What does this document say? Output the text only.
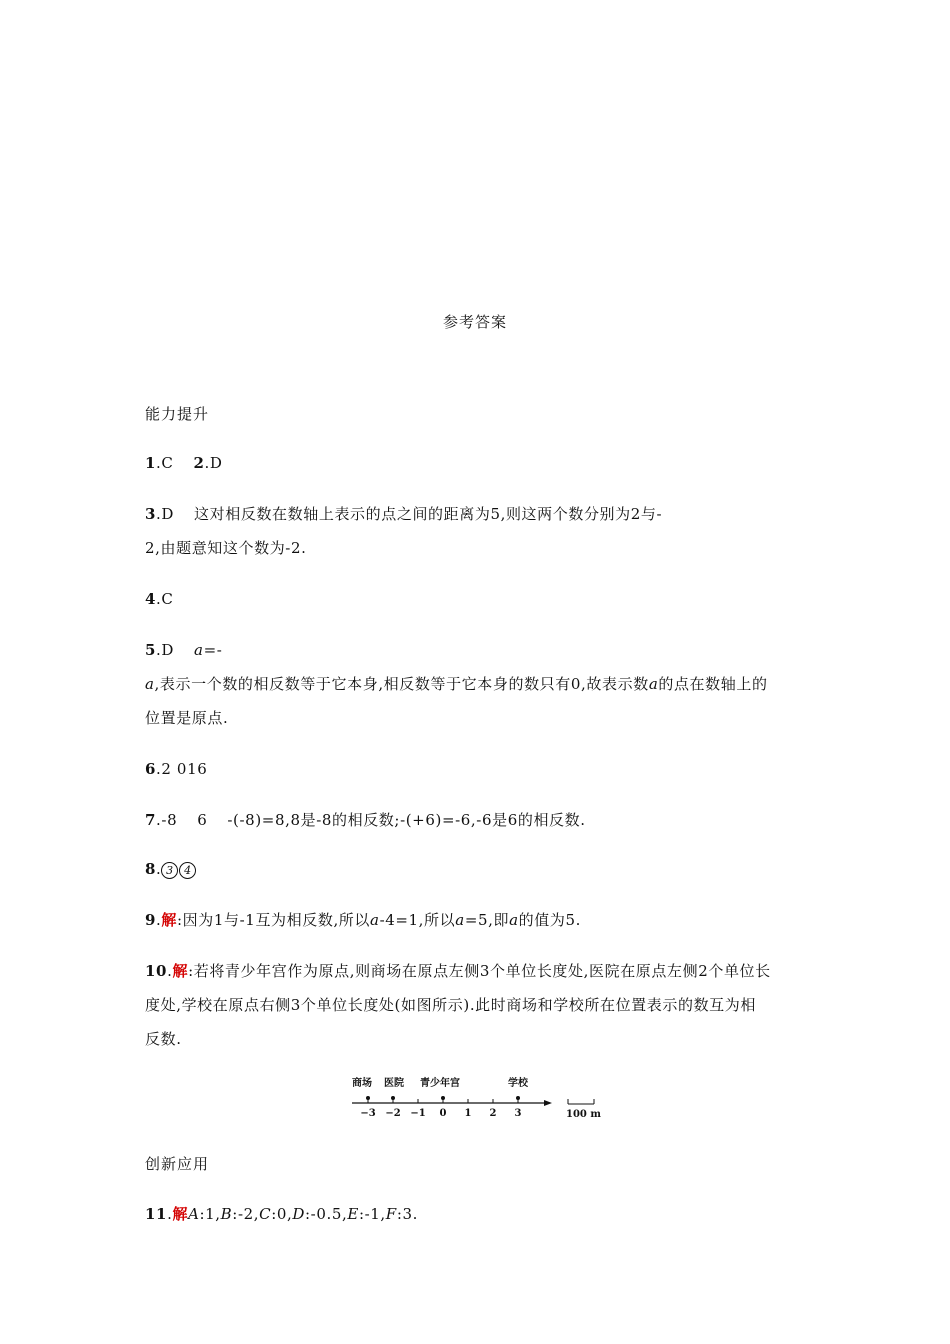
参考答案
能力提升
1.C 2.D
3.D 这对相反数在数轴上表示的点之间的距离为5,则这两个数分别为2与-
2,由题意知这个数为-2.
4.C
5.D a=-
a,表示一个数的相反数等于它本身,相反数等于它本身的数只有0,故表示数a的点在数轴上的
位置是原点.
6.2 016
7.-8 6 -(-8)=8,8是-8的相反数;-(+6)=-6,-6是6的相反数.
8. 3 4
9.解:因为1与-1互为相反数,所以a-4=1,所以a=5,即a的值为5.
10.解:若将青少年宫作为原点,则商场在原点左侧3个单位长度处,医院在原点左侧2个单位长
度处,学校在原点右侧3个单位长度处(如图所示).此时商场和学校所在位置表示的数互为相
反数.
商场 医院 青少年宫	学校
−3 −2 −1 0 1 2 3	100 m
创新应用
11.解A:1,B:-2,C:0,D:-0.5,E:-1,F:3.
